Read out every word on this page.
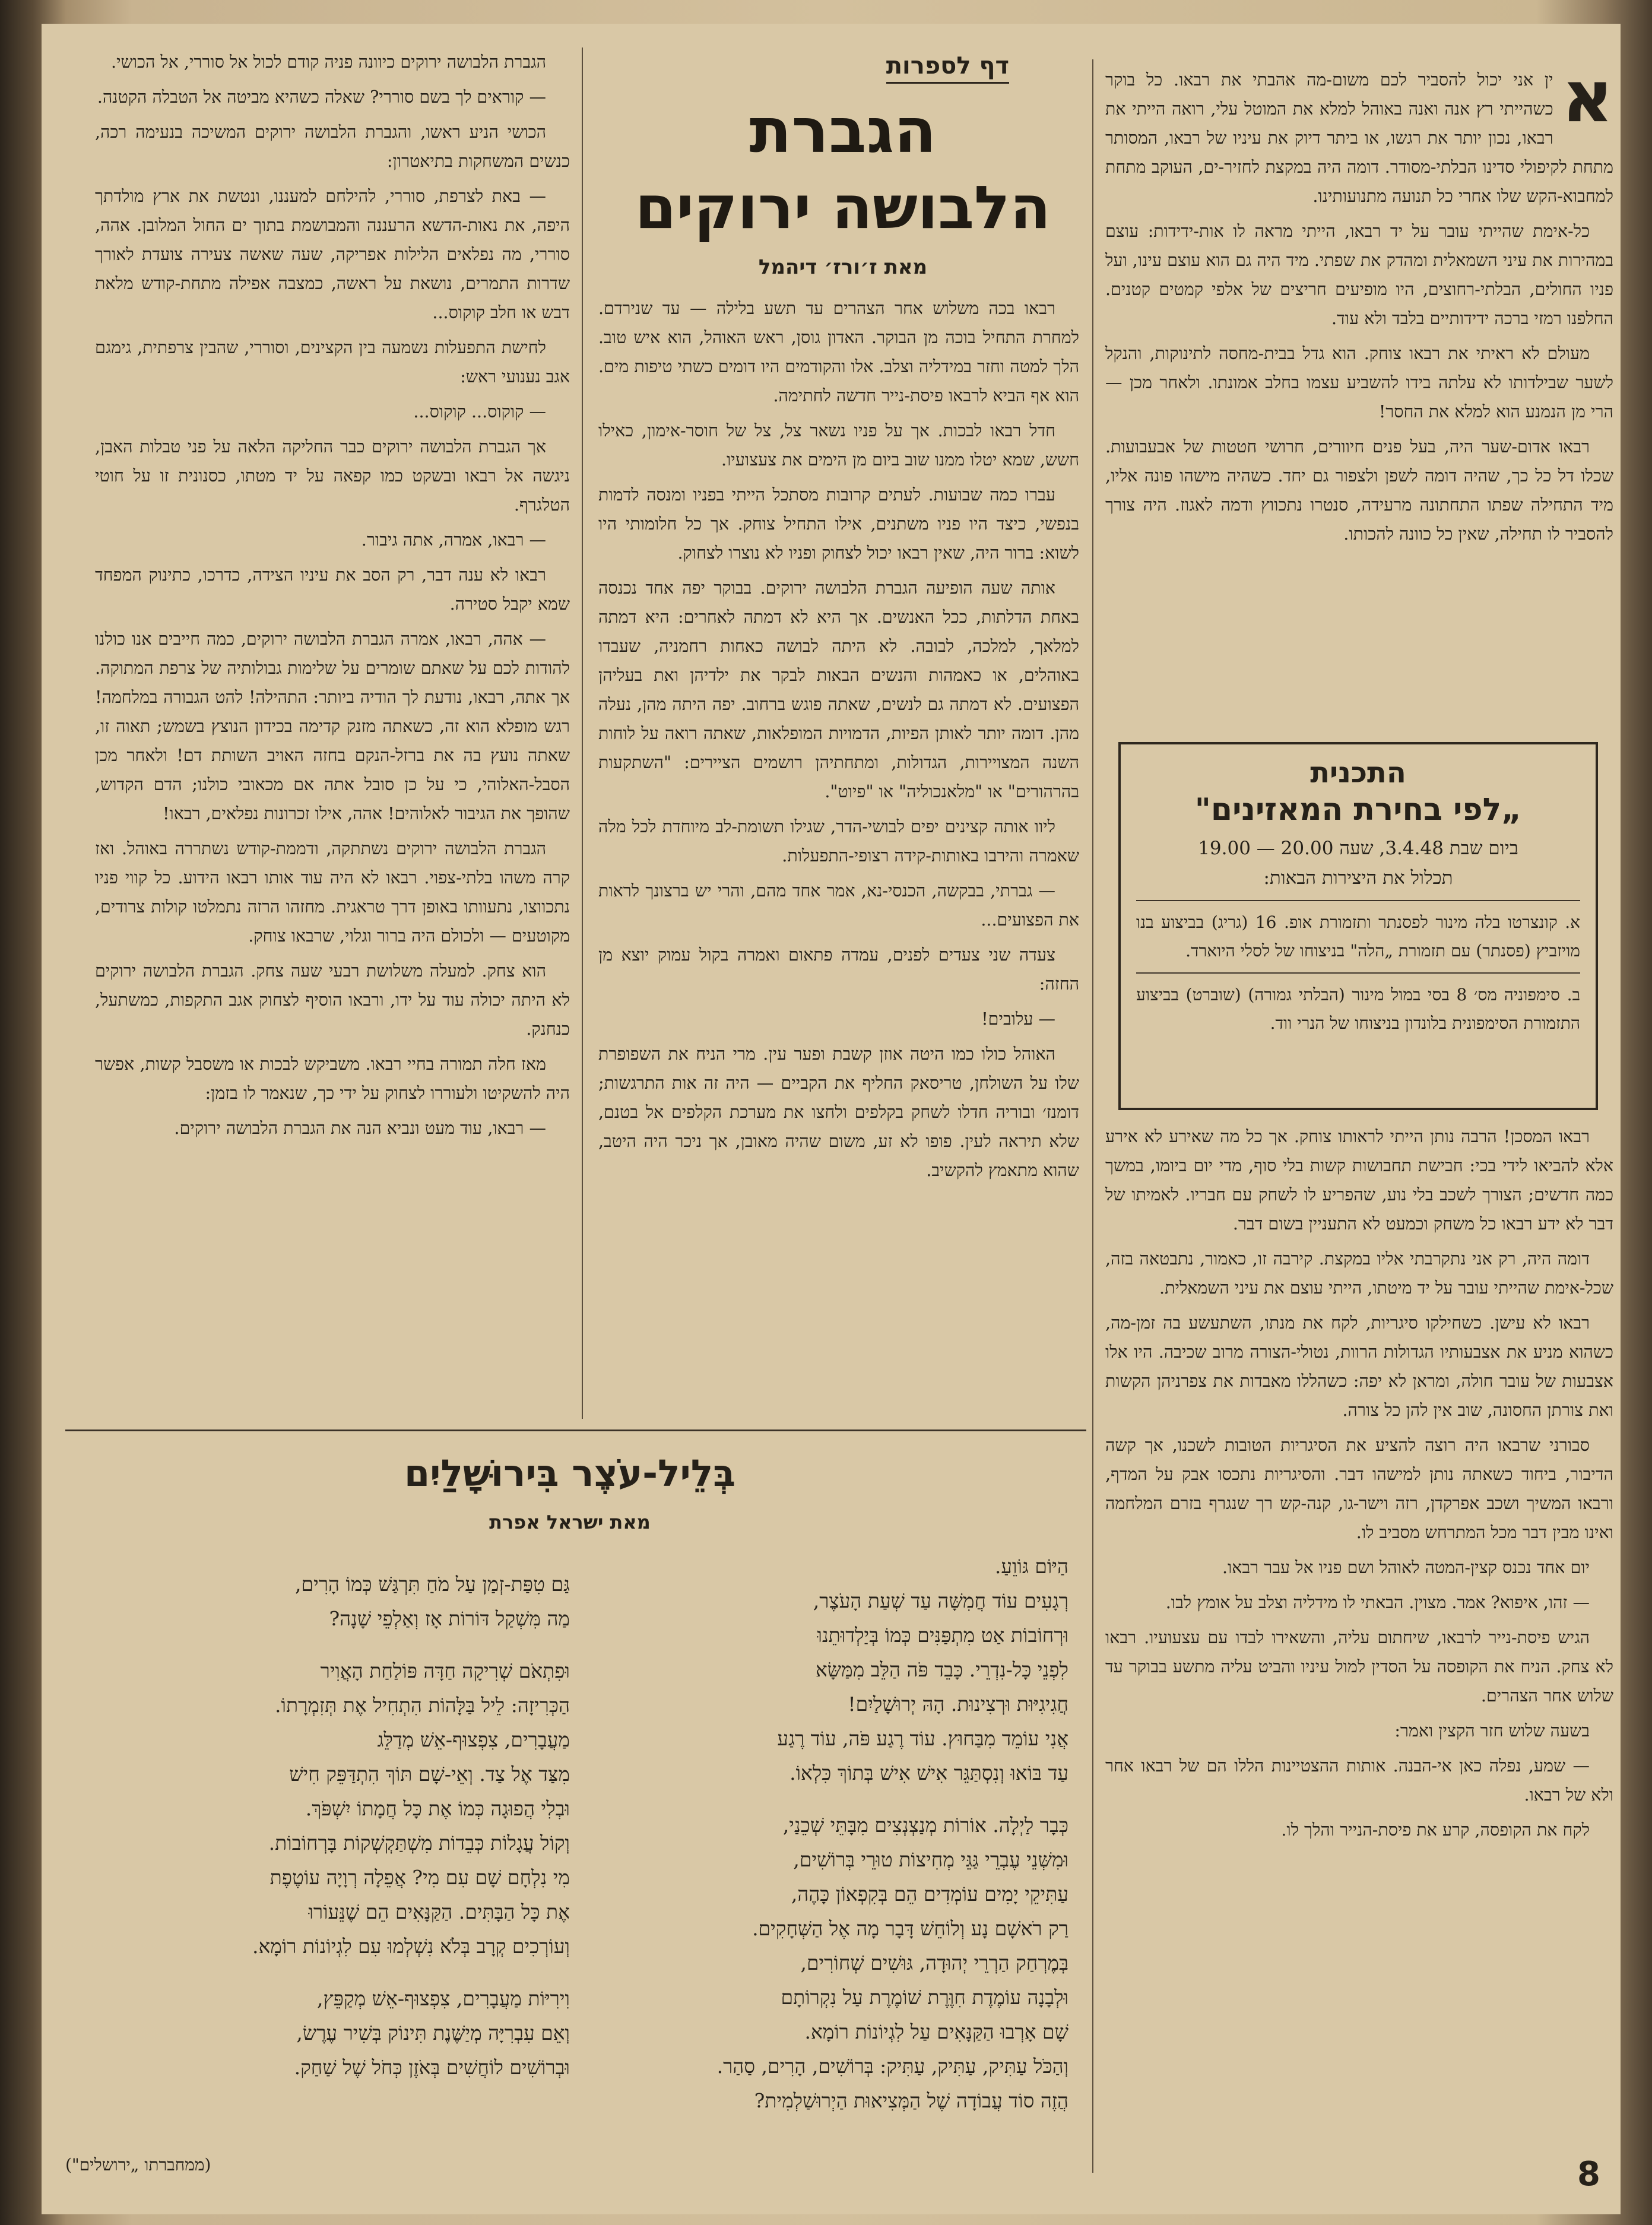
דף לספרות	א
ין אני יכול להסביר לכם משום-מה אהבתי את רבאו. כל בוקר כשהייתי רץ אנה ואנה באוהל למלא את המוטל עלי, רואה הייתי את רבאו, נכון יותר את רגשו, או ביתר דיוק את עיניו של רבאו, המסותר מתחת לקיפולי סדינו הבלתי-מסודר. דומה היה במקצת לחזיר-ים, העוקב מתחת למחבוא-הקש שלו אחרי כל תנועה מתנועותינו.

כל-אימת שהייתי עובר על יד רבאו, הייתי מראה לו אות-ידידות: עוצם במהירות את עיני השמאלית ומהדק את שפתי. מיד היה גם הוא עוצם עינו, ועל פניו החולים, הבלתי-רחוצים, היו מופיעים חריצים של אלפי קמטים קטנים. החלפנו רמזי ברכה ידידותיים בלבד ולא עוד.

מעולם לא ראיתי את רבאו צוחק. הוא גדל בבית-מחסה לתינוקות, והנקל לשער שבילדותו לא עלתה בידו להשביע עצמו בחלב אמונתו. ולאחר מכן — הרי מן הנמנע הוא למלא את החסר!

רבאו אדום-שער היה, בעל פנים חיוורים, חרושי חטטות של אבעבועות. שכלו דל כל כך, שהיה דומה לשפן ולצפור גם יחד. כשהיה מישהו פונה אליו, מיד התחילה שפתו התחתונה מרעידה, סנטרו נתכווץ ודמה לאגוז. היה צורך להסביר לו תחילה, שאין כל כוונה להכותו.

התכנית
„לפי בחירת המאזינים"
ביום שבת 3.4.48, שעה 20.00 — 19.00
תכלול את היצירות הבאות:
א. קונצרטו בלה מינור לפסנתר ותזמורת אופ. 16 (גריג) בביצוע בנו מויזביץ (פסנתר) עם תזמורת „הלה" בניצוחו של לסלי היוארד.
ב. סימפוניה מס׳ 8 בסי במול מינור (הבלתי גמורה) (שוברט) בביצוע התזמורת הסימפונית בלונדון בניצוחו של הנרי ווד.

רבאו המסכן! הרבה נותן הייתי לראותו צוחק. אך כל מה שאירע לא אירע אלא להביאו לידי בכי: חבישת תחבושות קשות בלי סוף, מדי יום ביומו, במשך כמה חדשים; הצורך לשכב בלי נוע, שהפריע לו לשחק עם חבריו. לאמיתו של דבר לא ידע רבאו כל משחק וכמעט לא התעניין בשום דבר.

דומה היה, רק אני נתקרבתי אליו במקצת. קירבה זו, כאמור, נתבטאה בזה, שכל-אימת שהייתי עובר על יד מיטתו, הייתי עוצם את עיני השמאלית.

רבאו לא עישן. כשחילקו סיגריות, לקח את מנתו, השתעשע בה זמן-מה, כשהוא מניע את אצבעותיו הגדולות הרוות, נטולי-הצורה מרוב שכיבה. היו אלו אצבעות של עובר חולה, ומראן לא יפה: כשהללו מאבדות את צפרניהן הקשות ואת צורתן החסונה, שוב אין להן כל צורה.

סבורני שרבאו היה רוצה להציע את הסיגריות הטובות לשכנו, אך קשה הדיבור, ביחוד כשאתה נותן למישהו דבר. והסיגריות נתכסו אבק על המדף, ורבאו המשיך ושכב אפרקדן, רזה וישר-גו, קנה-קש רך שנגרף בזרם המלחמה ואינו מבין דבר מכל המתרחש מסביב לו.

יום אחד נכנס קצין-המטה לאוהל ושם פניו אל עבר רבאו.

— זהו, איפוא? אמר. מצוין. הבאתי לו מידליה וצלב על אומץ לבו.

הגיש פיסת-נייר לרבאו, שיחתום עליה, והשאירו לבדו עם עצעועיו. רבאו לא צחק. הניח את הקופסה על הסדין למול עיניו והביט עליה מתשע בבוקר עד שלוש אחר הצהרים.

בשעה שלוש חזר הקצין ואמר:

— שמע, נפלה כאן אי-הבנה. אותות ההצטיינות הללו הם של רבאו אחר ולא של רבאו.

לקח את הקופסה, קרע את פיסת-הנייר והלך לו.

הגברת
הלבושה ירוקים
מאת ז׳ורז׳ דיהמל

רבאו בכה משלוש אחר הצהרים עד תשע בלילה — עד שנירדם. למחרת התחיל בוכה מן הבוקר. האדון גוסן, ראש האוהל, הוא איש טוב. הלך למטה וחזר במידליה וצלב. אלו והקודמים היו דומים כשתי טיפות מים. הוא אף הביא לרבאו פיסת-נייר חדשה לחתימה.

חדל רבאו לבכות. אך על פניו נשאר צל, צל של חוסר-אימון, כאילו חשש, שמא יטלו ממנו שוב ביום מן הימים את צעצועיו.

עברו כמה שבועות. לעתים קרובות מסתכל הייתי בפניו ומנסה לדמות בנפשי, כיצד היו פניו משתנים, אילו התחיל צוחק. אך כל חלומותי היו לשוא: ברור היה, שאין רבאו יכול לצחוק ופניו לא נוצרו לצחוק.

אותה שעה הופיעה הגברת הלבושה ירוקים. בבוקר יפה אחד נכנסה באחת הדלתות, ככל האנשים. אך היא לא דמתה לאחרים: היא דמתה למלאך, למלכה, לבובה. לא היתה לבושה כאחות רחמניה, שעבדו באוהלים, או כאמהות והנשים הבאות לבקר את ילדיהן ואת בעליהן הפצועים. לא דמתה גם לנשים, שאתה פוגש ברחוב. יפה היתה מהן, נעלה מהן. דומה יותר לאותן הפיות, הדמויות המופלאות, שאתה רואה על לוחות השנה המצויירות, הגדולות, ומתחתיהן רושמים הציירים: "השתקעות בהרהורים" או "מלאנכוליה" או "פיוט".

ליוו אותה קצינים יפים לבושי-הדר, שגילו תשומת-לב מיוחדת לכל מלה שאמרה והירבו באותות-קידה רצופי-התפעלות.

— גברתי, בבקשה, הכנסי-נא, אמר אחד מהם, והרי יש ברצונך לראות את הפצועים...

צעדה שני צעדים לפנים, עמדה פתאום ואמרה בקול עמוק יוצא מן החזה:

— עלובים!

האוהל כולו כמו היטה אוזן קשבת ופער עין. מרי הניח את השפופרת שלו על השולחן, טריסאק החליף את הקביים — היה זה אות התרגשות; דומנז׳ ובוריה חדלו לשחק בקלפים ולחצו את מערכת הקלפים אל בטנם, שלא תיראה לעין. פופו לא זע, משום שהיה מאובן, אך ניכר היה היטב, שהוא מתאמץ להקשיב.

הגברת הלבושה ירוקים כיוונה פניה קודם לכול אל סוררי, אל הכושי.

— קוראים לך בשם סוררי? שאלה כשהיא מביטה אל הטבלה הקטנה.

הכושי הניע ראשו, והגברת הלבושה ירוקים המשיכה בנעימה רכה, כנשים המשחקות בתיאטרון:

— באת לצרפת, סוררי, להילחם למעננו, ונטשת את ארץ מולדתך היפה, את נאות-הדשא הרעננה והמבושמת בתוך ים החול המלובן. אהה, סוררי, מה נפלאים הלילות אפריקה, שעה שאשה צעירה צועדת לאורך שדרות התמרים, נושאת על ראשה, כמצבה אפילה מתחת-קודש מלאת דבש או חלב קוקוס...

לחישת התפעלות נשמעה בין הקצינים, וסוררי, שהבין צרפתית, גימגם אגב נענועי ראש:

— קוקוס... קוקוס...

אך הגברת הלבושה ירוקים כבר החליקה הלאה על פני טבלות האבן, ניגשה אל רבאו ובשקט כמו קפאה על יד מטתו, כסנונית זו על חוטי הטלגרף.

— רבאו, אמרה, אתה גיבור.

רבאו לא ענה דבר, רק הסב את עיניו הצידה, כדרכו, כתינוק המפחד שמא יקבל סטירה.

— אהה, רבאו, אמרה הגברת הלבושה ירוקים, כמה חייבים אנו כולנו להודות לכם על שאתם שומרים על שלימות גבולותיה של צרפת המתוקה. אך אתה, רבאו, נודעת לך הודיה ביותר: התהילה! להט הגבורה במלחמה! רגש מופלא הוא זה, כשאתה מזנק קדימה בכידון הנוצץ בשמש; תאוה זו, שאתה נועץ בה את ברזל-הנקם בחזה האויב השותת דם! ולאחר מכן הסבל-האלוהי, כי על כן סובל אתה אם מכאובי כולנו; הדם הקדוש, שהופך את הגיבור לאלוהים! אהה, אילו זכרונות נפלאים, רבאו!

הגברת הלבושה ירוקים נשתתקה, ודממת-קודש נשתררה באוהל. ואז קרה משהו בלתי-צפוי. רבאו לא היה עוד אותו רבאו הידוע. כל קווי פניו נתכווצו, נתעוותו באופן דרך טראגית. מחזהו הרזה נתמלטו קולות צרודים, מקוטעים — ולכולם היה ברור וגלוי, שרבאו צוחק.

הוא צחק. למעלה משלושת רבעי שעה צחק. הגברת הלבושה ירוקים לא היתה יכולה עוד על ידו, ורבאו הוסיף לצחוק אגב התקפות, כמשתעל, כנחנק.

מאז חלה תמורה בחיי רבאו. משביקש לבכות או משסבל קשות, אפשר היה להשקיטו ולעוררו לצחוק על ידי כך, שנאמר לו בזמן:

— רבאו, עוד מעט ונביא הנה את הגברת הלבושה ירוקים.

בְּלֵיל-עֹצֶר בִּירוּשָׁלַיִם
מאת ישראל אפרת

הַיּוֹם גּוֹוֵעַ.

רְגָעִים עוֹד חֲמִשָּׁה עַד שְׁעַת הָעֹצֶר,

וּרְחוֹבוֹת אַט מִתְפַּנִּים כְּמוֹ בְּיַלְדוּתֵנוּ

לִפְנֵי כָּל-נִדְרֵי. כָּבֵד פֹּה הַלֵּב מִמַּשָּׂא

חֲגִיגִיּוּת וּרְצִינוּת. הָהּ יְרוּשָׁלַיִם!

אֲנִי עוֹמֵד מִבַּחוּץ. עוֹד רֶגַע פֹּה, עוֹד רֶגַע

עַד בּוֹאוּ וְנִסְתַּגֵּר אִישׁ אִישׁ בְּתוֹךְ כִּלְאוֹ.

כְּבָר לַיְלָה. אוֹרוֹת מְנַצְנְצִים מִבָּתֵּי שְׁכֵנַי,

וּמִשְּׁנֵי עֶבְרֵי גַּגֵּי מְחִיצוֹת טוּרֵי בְּרוֹשִׁים,

עַתִּיקֵי יָמִים עוֹמְדִים הֵם בְּקִפְאוֹן כָּהֶה,

רַק רֹאשָׁם נָע וְלוֹחֵשׁ דָּבָר מָה אֶל הַשְּׁחָקִים.

בְּמֶרְחַק הַרְרֵי יְהוּדָה, גּוּשִׁים שְׁחוֹרִים,

וּלְבָנָה עוֹמֶדֶת חִוֶּרֶת שׁוֹמֶרֶת עַל נִקְרוֹתָם

שָׁם אָרְבוּ הַקַּנָּאִים עַל לִגְיוֹנוֹת רוֹמָא.

וְהַכֹּל עַתִּיק, עַתִּיק, עַתִּיק: בְּרוֹשִׁים, הָרִים, סַהַר.

הֲזֶה סוֹד עֲבוֹדָה שֶׁל הַמְּצִיאוּת הַיְרוּשַׁלְמִית?

גַּם טִפַּת-זְמַן עַל מֹחַ תִּרְגַּשׁ כְּמוֹ הָרִים,

מַה מִּשְׁקַל דּוֹרוֹת אָז וְאַלְפֵי שָׁנָה?

וּפִתְאֹם שְׁרִיקָה חַדָּה פּוֹלַחַת הָאֲוִיר

הַכְּרִיזָה: לֵיל בַּלָּהוֹת הִתְחִיל אֶת תְּזִמְרָתוֹ.

מַעֲבָרִים, צִפְצוּף-אֵשׁ מְדַלֵּג

מִצַּד אֶל צַד. וְאֵי-שָׁם תּוֹךְ הִתְדַּפֵּק חִישׁ

וּבְלִי הֲפוּגָה כְּמוֹ אֶת כָּל חֲמָתוֹ יִשְׁפֹּךְ.

וְקוֹל עֲגָלוֹת כְּבֵדוֹת מִשְׁתַּקְשְׁקוֹת בָּרְחוֹבוֹת.

מִי נִלְחָם שָׁם עִם מִי? אֲפֵלָה רְוָיָה עוֹטֶפֶת

אֶת כָּל הַבָּתִּים. הַקַּנָּאִים הֵם שֶׁנֵּעוֹרוּ

וְעוֹרְכִים קְרָב בְּלֹא נִשְׁלְמוּ עִם לִגְיוֹנוֹת רוֹמָא.

וִירִיּוֹת מַעֲבָרִים, צִפְצוּף-אֵשׁ מְקַפֵּץ,

וְאֵם עִבְרִיָּה מְיַשֶּׁנֶת תִּינוֹק בְּשִׁיר עֶרֶשׂ,

וּבְרוֹשִׁים לוֹחֲשִׁים בְּאֹזֶן כְּחֹל שֶׁל שַׁחַק.

(ממחברתו „ירושלים")	8
